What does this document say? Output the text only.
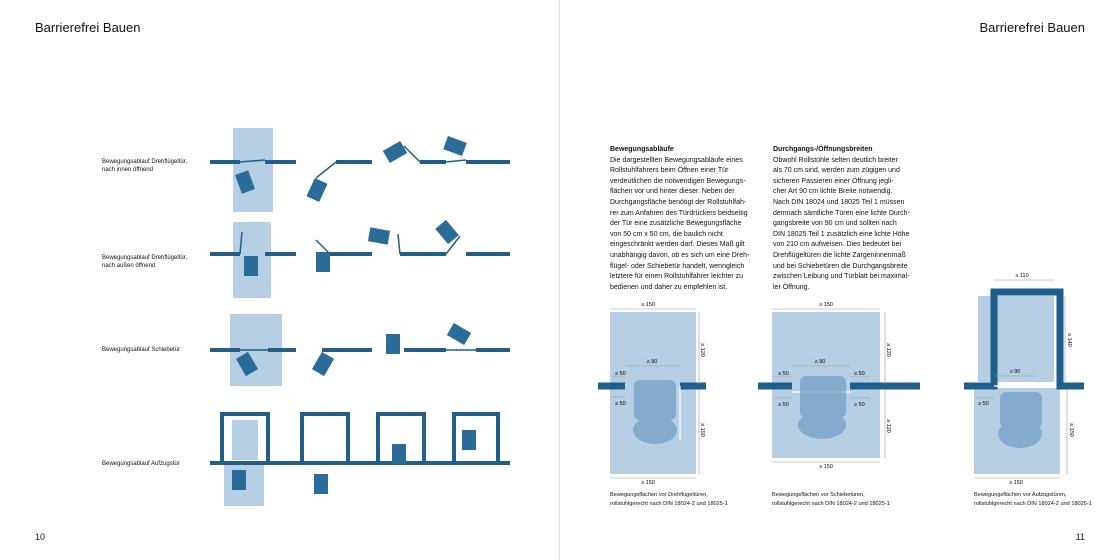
Barrierefrei Bauen
Bewegungsablauf Drehflügeltür,
nach innen öffnend
Bewegungsablauf Drehflügeltür,
nach außen öffnend
Bewegungsablauf Schiebetür
Bewegungsablauf Aufzugstür
10
Barrierefrei Bauen
Bewegungsabläufe
Die dargestellten Bewegungsabläufe eines
Rollstuhlfahrers beim Öffnen einer Tür
verdeutlichen die notwendigen Bewegungs-
flächen vor und hinter dieser. Neben der
Durchgangsfläche benötigt der Rollstuhlfah-
rer zum Anfahren des Türdrückers beidseitig
der Tür eine zusätzliche Bewegungsfläche
von 50 cm x 50 cm, die baulich nicht
eingeschränkt werden darf. Dieses Maß gilt
unabhängig davon, ob es sich um eine Dreh-
flügel- oder Schiebetür handelt, wenngleich
letztere für einen Rollstuhlfahrer leichter zu
bedienen und daher zu empfehlen ist.
Durchgangs-/Öffnungsbreiten
Obwohl Rollstühle selten deutlich breiter
als 70 cm sind, werden zum zügigen und
sicheren Passieren einer Öffnung jegli-
cher Art 90 cm lichte Breite notwendig.
Nach DIN 18024 und 18025 Teil 1 müssen
demnach sämtliche Türen eine lichte Durch-
gangsbreite von 90 cm und sollten nach
DIN 18025 Teil 1 zusätzlich eine lichte Höhe
von 210 cm aufweisen. Dies bedeutet bei
Drehflügeltüren die lichte Zargeninnenmaß
und bei Schiebetüren die Durchgangsbreite
zwischen Leibung und Türblatt bei maximal-
ler Öffnung.
≥ 150
≥ 150
≥ 90
≥ 50
≥ 50
≥ 120
≥ 150
≥ 150
≥ 150
≥ 90
≥ 50	≥ 50
≥ 50	≥ 50
≥ 120
≥ 120
≥ 110
≥ 140
≥ 90
≥ 50
≥ 150
≥ 150
Bewegungsflächen vor Drehflügeltüren,
rollstuhlgerecht nach DIN 18024-2 und 18025-1
Bewegungsflächen vor Schiebetüren,
rollstuhlgerecht nach DIN 18024-2 und 18025-1
Bewegungsflächen vor Aufzugstüren,
rollstuhlgerecht nach DIN 18024-2 und 18025-1
11
